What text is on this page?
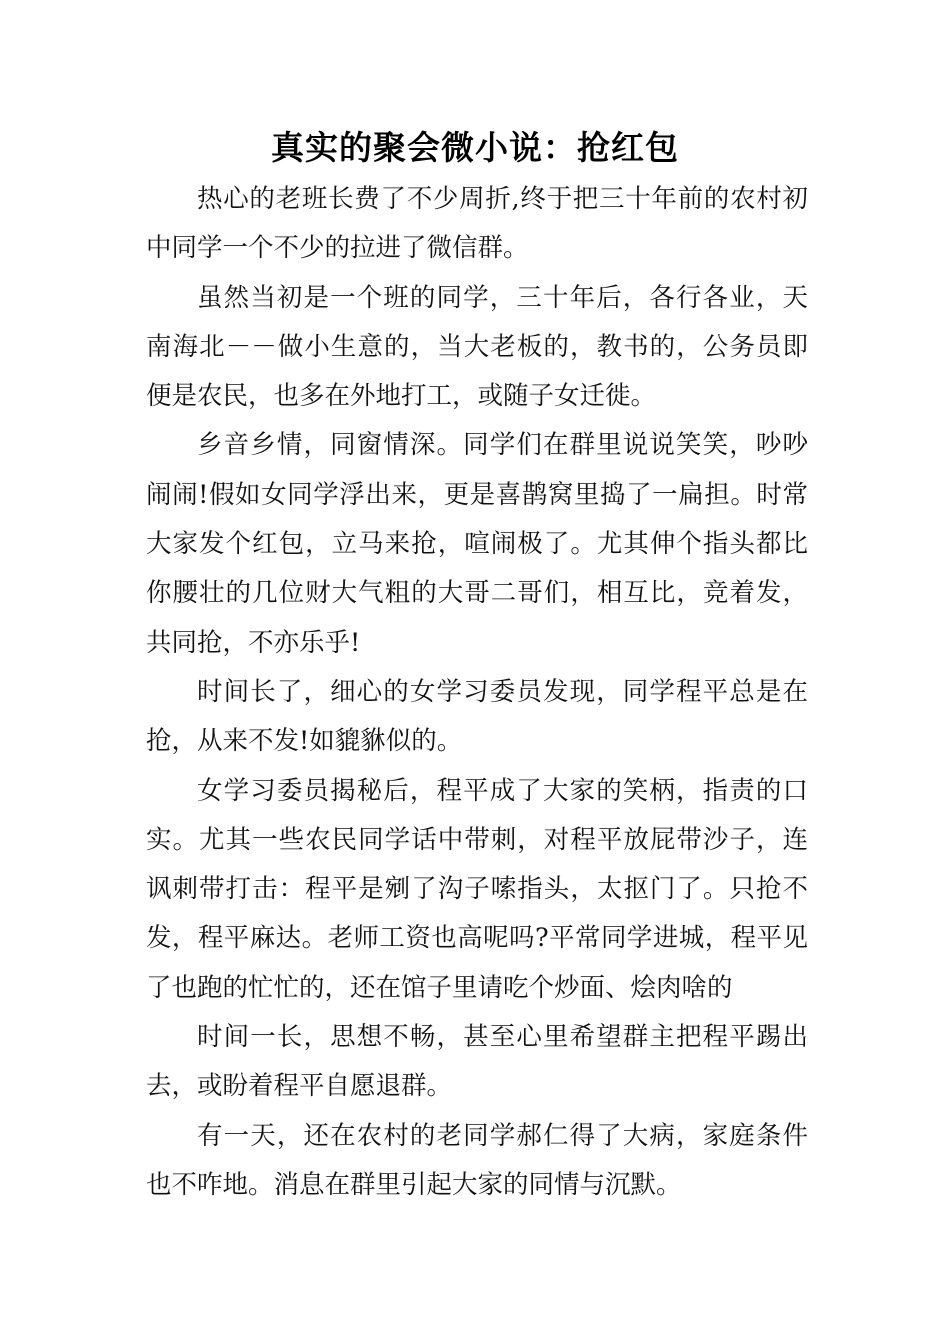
真实的聚会微小说：抢红包

热心的老班长费了不少周折,终于把三十年前的农村初中同学一个不少的拉进了微信群。

虽然当初是一个班的同学，三十年后，各行各业，天南海北－－做小生意的，当大老板的，教书的，公务员即便是农民，也多在外地打工，或随子女迁徙。

乡音乡情，同窗情深。同学们在群里说说笑笑，吵吵闹闹!假如女同学浮出来，更是喜鹊窝里捣了一扁担。时常大家发个红包，立马来抢，喧闹极了。尤其伸个指头都比你腰壮的几位财大气粗的大哥二哥们，相互比，竞着发，共同抢，不亦乐乎!

时间长了，细心的女学习委员发现，同学程平总是在抢，从来不发!如貔貅似的。

女学习委员揭秘后，程平成了大家的笑柄，指责的口实。尤其一些农民同学话中带刺，对程平放屁带沙子，连讽刺带打击：程平是剜了沟子嗦指头，太抠门了。只抢不发，程平麻达。老师工资也高呢吗?平常同学进城，程平见了也跑的忙忙的，还在馆子里请吃个炒面、烩肉啥的

时间一长，思想不畅，甚至心里希望群主把程平踢出去，或盼着程平自愿退群。

有一天，还在农村的老同学郝仁得了大病，家庭条件也不咋地。消息在群里引起大家的同情与沉默。
